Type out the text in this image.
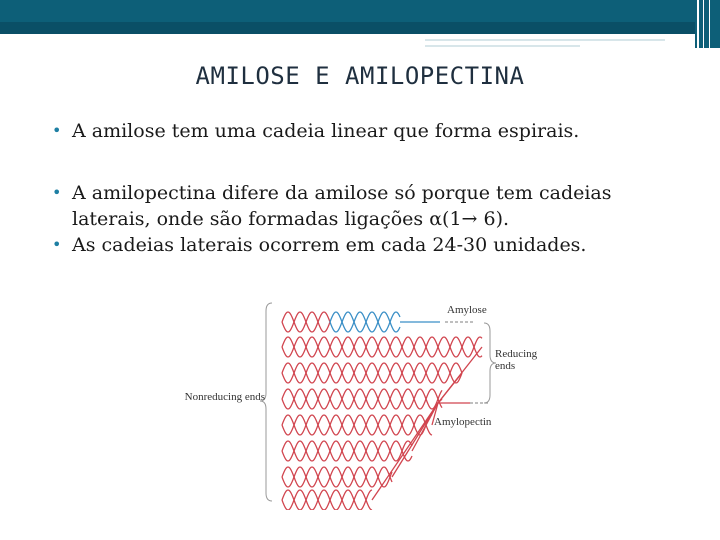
AMILOSE E AMILOPECTINA
• A amilose tem uma cadeia linear que forma espirais.
• A amilopectina difere da amilose só porque tem cadeias laterais, onde são formadas ligações α(1→ 6).
• As cadeias laterais ocorrem em cada 24-30 unidades.
Amylose
Reducing ends
Nonreducing ends
Amylopectin
